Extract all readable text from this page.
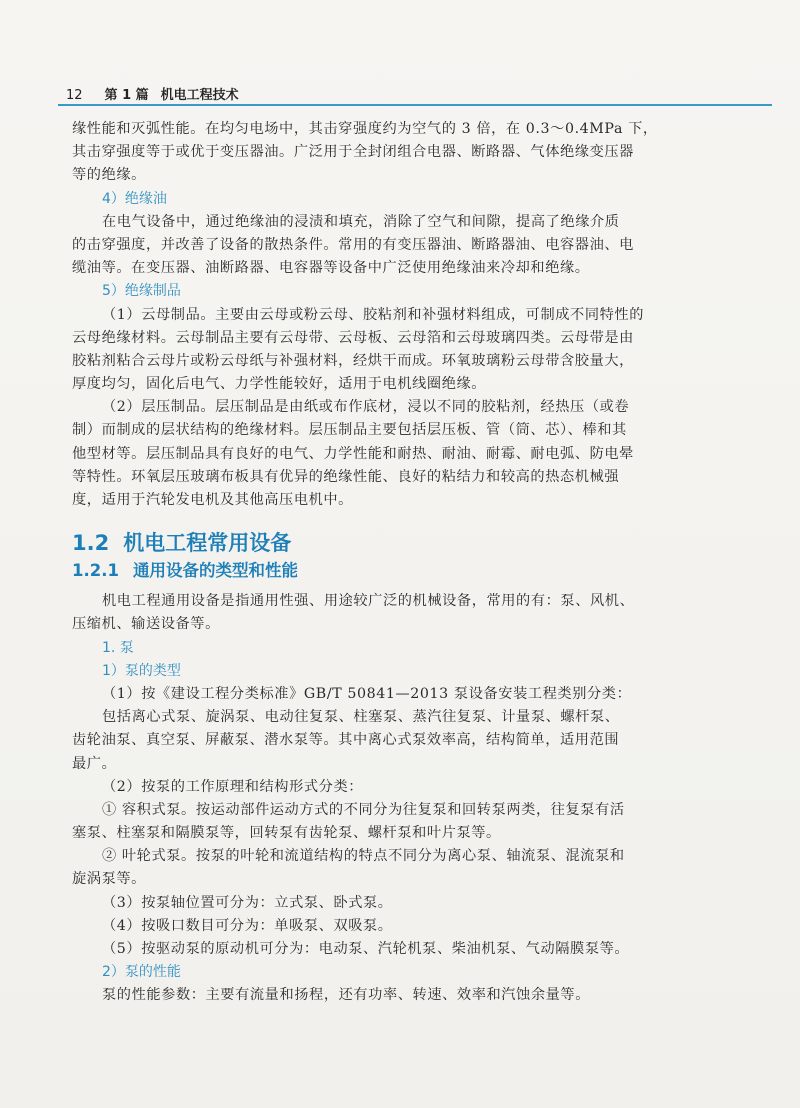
12 第 1 篇 机电工程技术
缘性能和灭弧性能。在均匀电场中，其击穿强度约为空气的 3 倍，在 0.3～0.4MPa 下，
其击穿强度等于或优于变压器油。广泛用于全封闭组合电器、断路器、气体绝缘变压器
等的绝缘。
4）绝缘油
在电气设备中，通过绝缘油的浸渍和填充，消除了空气和间隙，提高了绝缘介质
的击穿强度，并改善了设备的散热条件。常用的有变压器油、断路器油、电容器油、电
缆油等。在变压器、油断路器、电容器等设备中广泛使用绝缘油来冷却和绝缘。
5）绝缘制品
（1）云母制品。主要由云母或粉云母、胶粘剂和补强材料组成，可制成不同特性的
云母绝缘材料。云母制品主要有云母带、云母板、云母箔和云母玻璃四类。云母带是由
胶粘剂粘合云母片或粉云母纸与补强材料，经烘干而成。环氧玻璃粉云母带含胶量大，
厚度均匀，固化后电气、力学性能较好，适用于电机线圈绝缘。
（2）层压制品。层压制品是由纸或布作底材，浸以不同的胶粘剂，经热压（或卷
制）而制成的层状结构的绝缘材料。层压制品主要包括层压板、管（筒、芯）、棒和其
他型材等。层压制品具有良好的电气、力学性能和耐热、耐油、耐霉、耐电弧、防电晕
等特性。环氧层压玻璃布板具有优异的绝缘性能、良好的粘结力和较高的热态机械强
度，适用于汽轮发电机及其他高压电机中。
1.2 机电工程常用设备
1.2.1 通用设备的类型和性能
机电工程通用设备是指通用性强、用途较广泛的机械设备，常用的有：泵、风机、
压缩机、输送设备等。
1. 泵
1）泵的类型
（1）按《建设工程分类标准》GB/T 50841—2013 泵设备安装工程类别分类：
包括离心式泵、旋涡泵、电动往复泵、柱塞泵、蒸汽往复泵、计量泵、螺杆泵、
齿轮油泵、真空泵、屏蔽泵、潜水泵等。其中离心式泵效率高，结构简单，适用范围
最广。
（2）按泵的工作原理和结构形式分类：
① 容积式泵。按运动部件运动方式的不同分为往复泵和回转泵两类，往复泵有活
塞泵、柱塞泵和隔膜泵等，回转泵有齿轮泵、螺杆泵和叶片泵等。
② 叶轮式泵。按泵的叶轮和流道结构的特点不同分为离心泵、轴流泵、混流泵和
旋涡泵等。
（3）按泵轴位置可分为：立式泵、卧式泵。
（4）按吸口数目可分为：单吸泵、双吸泵。
（5）按驱动泵的原动机可分为：电动泵、汽轮机泵、柴油机泵、气动隔膜泵等。
2）泵的性能
泵的性能参数：主要有流量和扬程，还有功率、转速、效率和汽蚀余量等。
